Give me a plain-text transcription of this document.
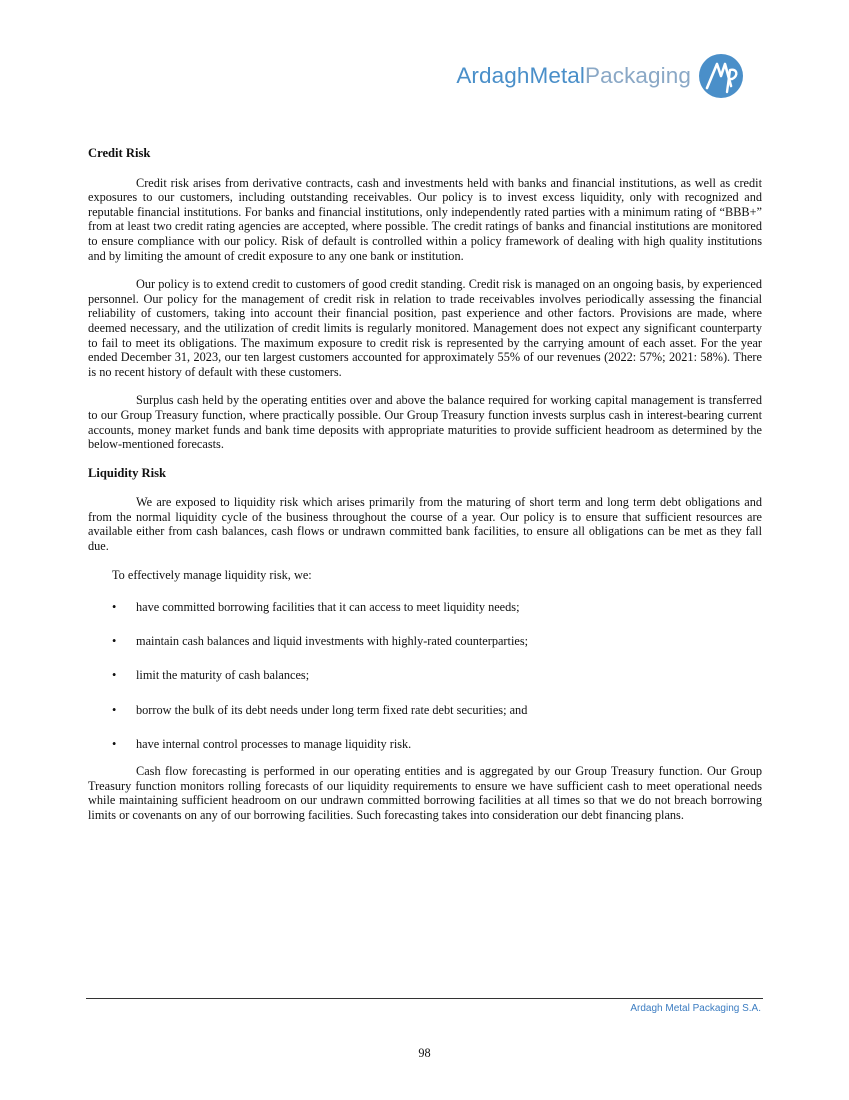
ArdaghMetalPackaging
Credit Risk

Credit risk arises from derivative contracts, cash and investments held with banks and financial institutions, as well as credit exposures to our customers, including outstanding receivables. Our policy is to invest excess liquidity, only with recognized and reputable financial institutions. For banks and financial institutions, only independently rated parties with a minimum rating of “BBB+” from at least two credit rating agencies are accepted, where possible. The credit ratings of banks and financial institutions are monitored to ensure compliance with our policy. Risk of default is controlled within a policy framework of dealing with high quality institutions and by limiting the amount of credit exposure to any one bank or institution.

Our policy is to extend credit to customers of good credit standing. Credit risk is managed on an ongoing basis, by experienced personnel. Our policy for the management of credit risk in relation to trade receivables involves periodically assessing the financial reliability of customers, taking into account their financial position, past experience and other factors. Provisions are made, where deemed necessary, and the utilization of credit limits is regularly monitored. Management does not expect any significant counterparty to fail to meet its obligations. The maximum exposure to credit risk is represented by the carrying amount of each asset. For the year ended December 31, 2023, our ten largest customers accounted for approximately 55% of our revenues (2022: 57%; 2021: 58%). There is no recent history of default with these customers.

Surplus cash held by the operating entities over and above the balance required for working capital management is transferred to our Group Treasury function, where practically possible. Our Group Treasury function invests surplus cash in interest-bearing current accounts, money market funds and bank time deposits with appropriate maturities to provide sufficient headroom as determined by the below-mentioned forecasts.

Liquidity Risk

We are exposed to liquidity risk which arises primarily from the maturing of short term and long term debt obligations and from the normal liquidity cycle of the business throughout the course of a year. Our policy is to ensure that sufficient resources are available either from cash balances, cash flows or undrawn committed bank facilities, to ensure all obligations can be met as they fall due.

To effectively manage liquidity risk, we:

• have committed borrowing facilities that it can access to meet liquidity needs;
• maintain cash balances and liquid investments with highly-rated counterparties;
• limit the maturity of cash balances;
• borrow the bulk of its debt needs under long term fixed rate debt securities; and
• have internal control processes to manage liquidity risk.

Cash flow forecasting is performed in our operating entities and is aggregated by our Group Treasury function. Our Group Treasury function monitors rolling forecasts of our liquidity requirements to ensure we have sufficient cash to meet operational needs while maintaining sufficient headroom on our undrawn committed borrowing facilities at all times so that we do not breach borrowing limits or covenants on any of our borrowing facilities. Such forecasting takes into consideration our debt financing plans.

Ardagh Metal Packaging S.A.
98
